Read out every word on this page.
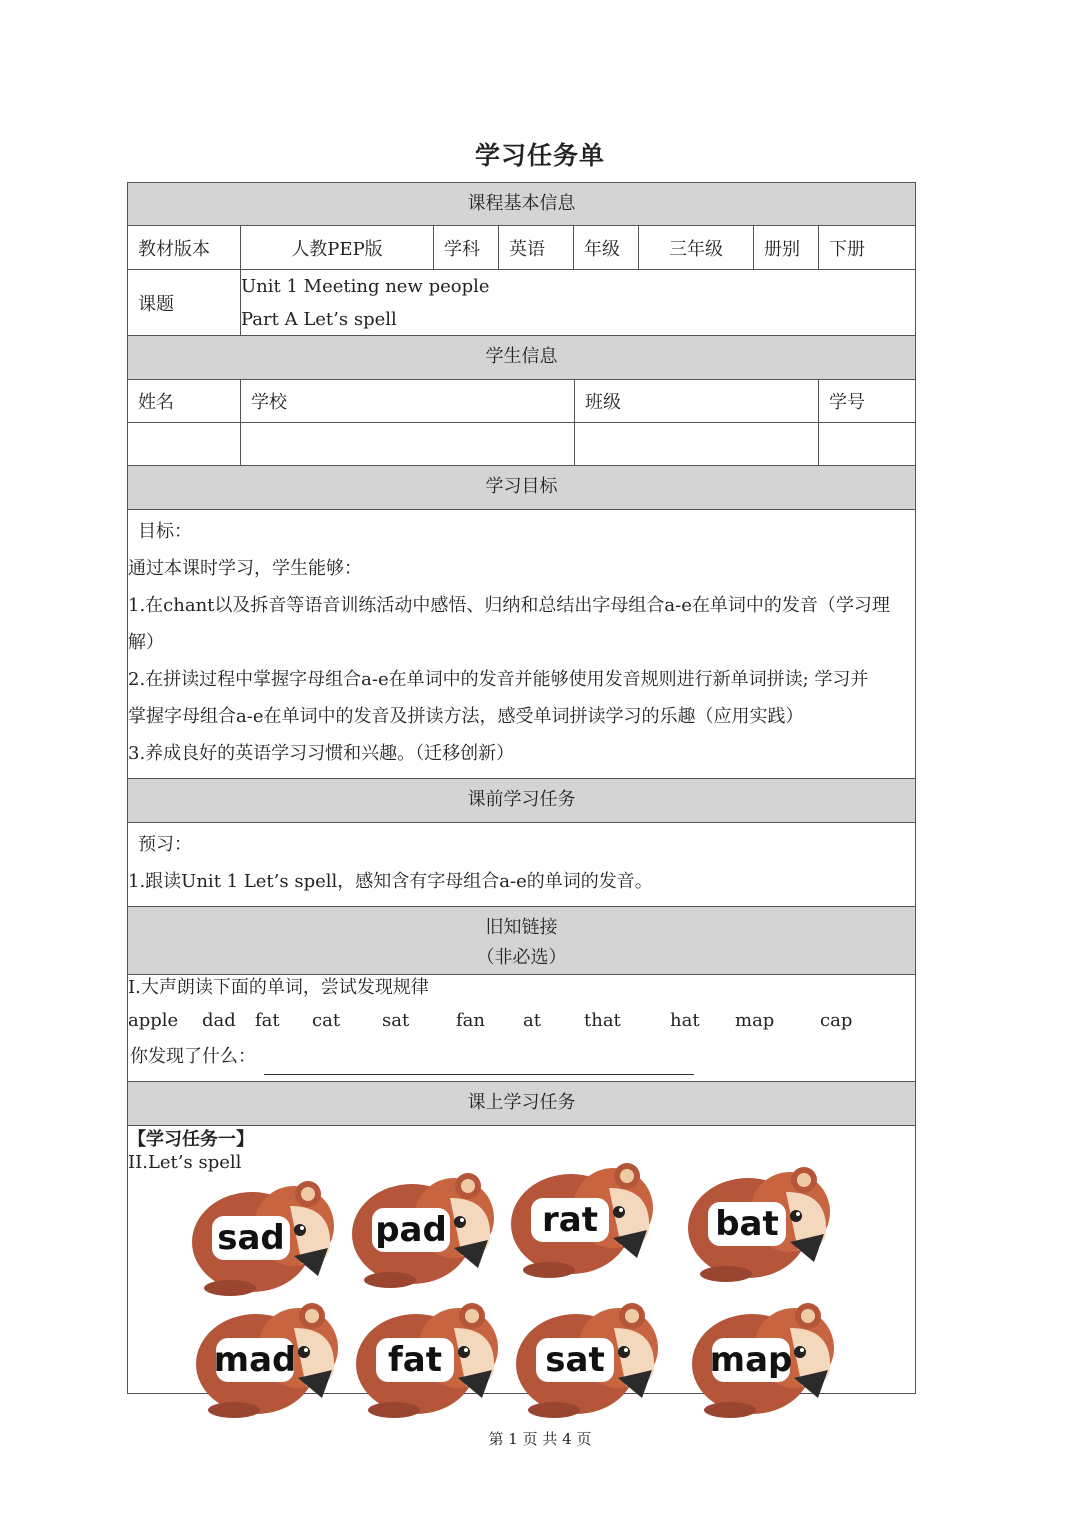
学习任务单
课程基本信息
教材版本	人教PEP版	学科	英语	年级	三年级	册别	下册
课题
Unit 1 Meeting new people
Part A Let’s spell
学生信息
姓名	学校	班级	学号
学习目标
目标：
通过本课时学习，学生能够：
1.在chant以及拆音等语音训练活动中感悟、归纳和总结出字母组合a-e在单词中的发音（学习理
解）
2.在拼读过程中掌握字母组合a-e在单词中的发音并能够使用发音规则进行新单词拼读; 学习并
掌握字母组合a-e在单词中的发音及拼读方法，感受单词拼读学习的乐趣（应用实践）
3.养成良好的英语学习习惯和兴趣。（迁移创新）
课前学习任务
预习：
1.跟读Unit 1 Let’s spell，感知含有字母组合a-e的单词的发音。
旧知链接
（非必选）
I.大声朗读下面的单词，尝试发现规律
apple dad fat cat sat	fan at that	hat map	cap
你发现了什么：
课上学习任务
【学习任务一】
II.Let’s spell
sad	pad	rat	bat
mad	fat	sat	map
第 1 页 共 4 页
